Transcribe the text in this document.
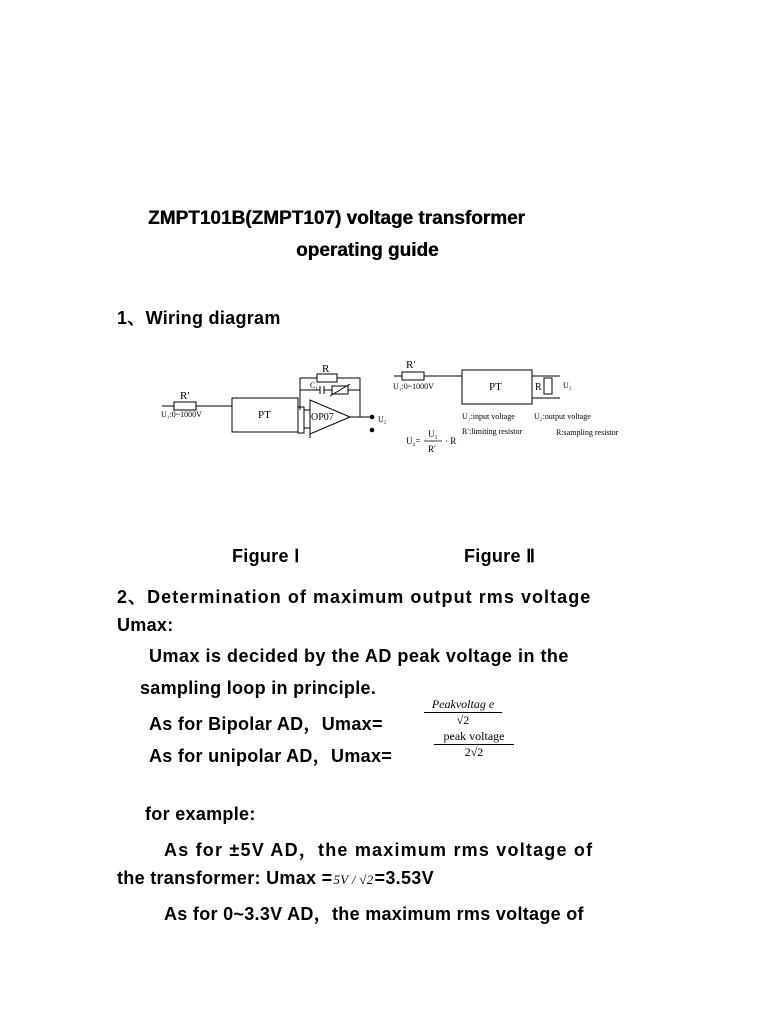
ZMPT101B(ZMPT107) voltage transformer
operating guide
1、Wiring diagram
R′
U₁:0~1000V	PT
R
C₁
OP07	U₂
R′
U₁:0~1000V	PT	R	U₂
U₁:input voltage U₂:output voltage
R′:limiting resistor	R:sampling resistor
U₂=
U₁
R′
· R
Figure Ⅰ	Figure Ⅱ
2、Determination of maximum output rms voltage
Umax:
Umax is decided by the AD peak voltage in the
sampling loop in principle.
As for Bipolar AD，Umax=
Peakvoltag e
√2
As for unipolar AD，Umax=
peak voltage
2√2
for example:
As for ±5V AD，the maximum rms voltage of
the transformer: Umax =5V / √2=3.53V
As for 0~3.3V AD，the maximum rms voltage of
